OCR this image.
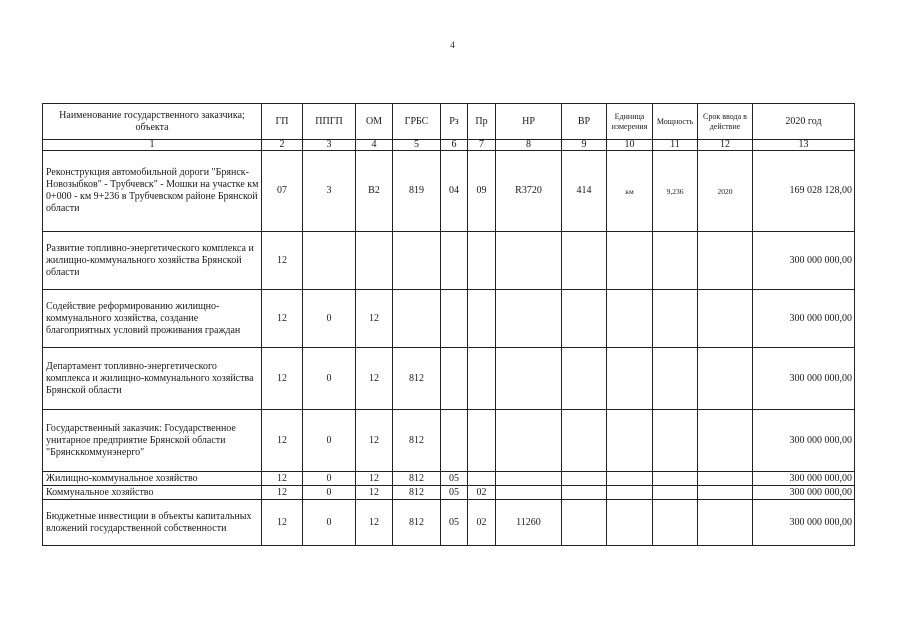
4
Наименование государственного заказчика; объекта	ГП	ППГП	ОМ	ГРБС	Рз	Пр	НР	ВР	Единица измерения	Мощность	Срок ввода в действие	2020 год
1	2	3	4	5	6	7	8	9	10	11	12	13
Реконструкция автомобильной дороги "Брянск-Новозыбков" - Трубчевск" - Мошки на участке км 0+000 - км 9+236 в Трубчевском районе Брянской области	07	3	B2	819	04	09	R3720	414	км	9,236	2020	169 028 128,00
Развитие топливно-энергетического комплекса и жилищно-коммунального хозяйства Брянской области	12											300 000 000,00
Содействие реформированию жилищно-коммунального хозяйства, создание благоприятных условий проживания граждан	12	0	12									300 000 000,00
Департамент топливно-энергетического комплекса и жилищно-коммунального хозяйства Брянской области	12	0	12	812								300 000 000,00
Государственный заказчик: Государственное унитарное предприятие Брянской области "Брянсккоммунэнерго"	12	0	12	812								300 000 000,00
Жилищно-коммунальное хозяйство	12	0	12	812	05							300 000 000,00
Коммунальное хозяйство	12	0	12	812	05	02						300 000 000,00
Бюджетные инвестиции в объекты капитальных вложений государственной собственности	12	0	12	812	05	02	11260					300 000 000,00
